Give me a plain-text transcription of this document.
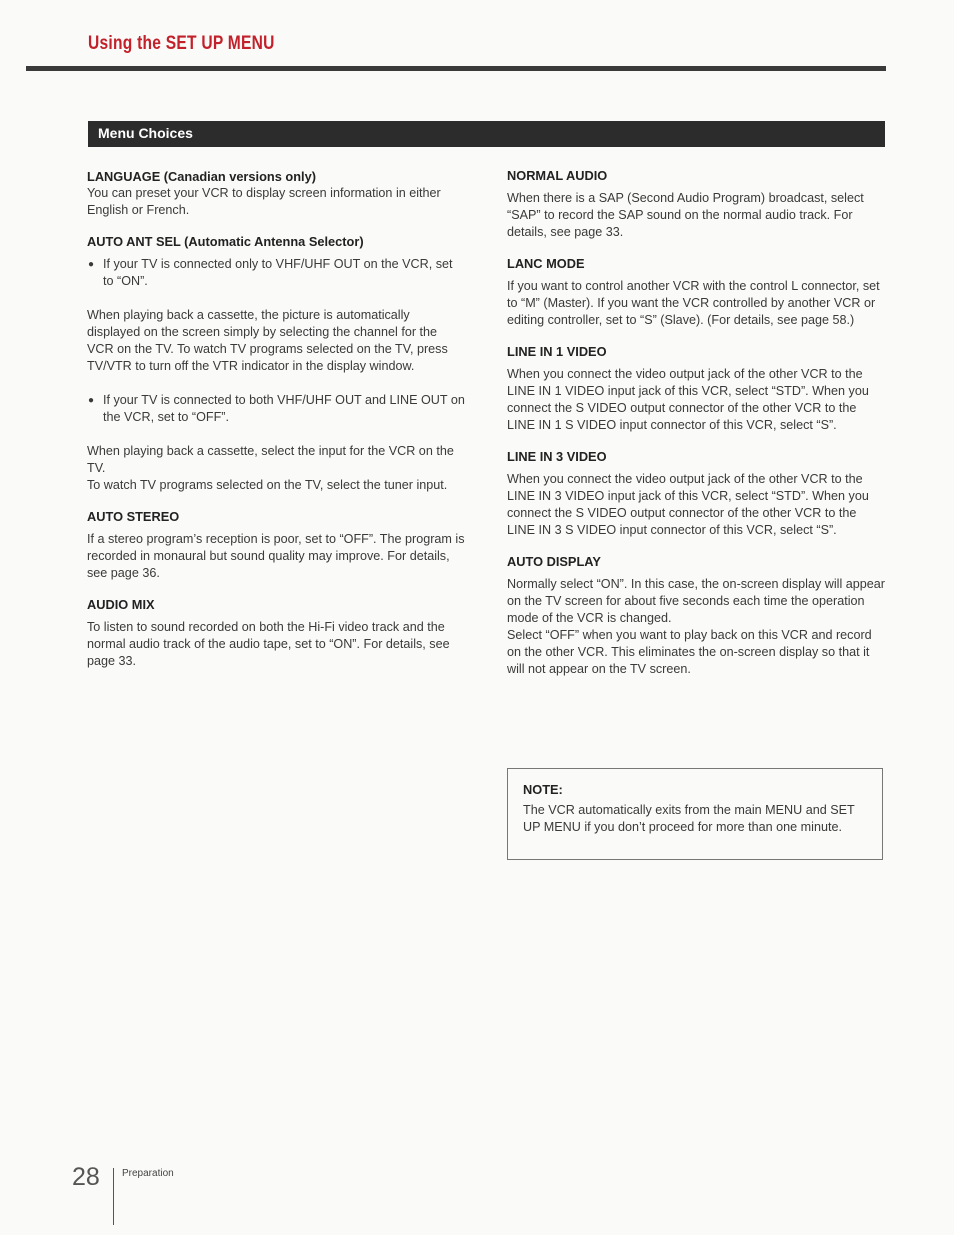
Using the SET UP MENU
Menu Choices
LANGUAGE (Canadian versions only)

You can preset your VCR to display screen information in either English or French.

AUTO ANT SEL (Automatic Antenna Selector)
● If your TV is connected only to VHF/UHF OUT on the VCR, set to “ON”.

When playing back a cassette, the picture is automatically displayed on the screen simply by selecting the channel for the VCR on the TV. To watch TV programs selected on the TV, press TV/VTR to turn off the VTR indicator in the display window.

● If your TV is connected to both VHF/UHF OUT and LINE OUT on the VCR, set to “OFF”.

When playing back a cassette, select the input for the VCR on the TV.

To watch TV programs selected on the TV, select the tuner input.

AUTO STEREO

If a stereo program’s reception is poor, set to “OFF”. The program is recorded in monaural but sound quality may improve. For details, see page 36.

AUDIO MIX

To listen to sound recorded on both the Hi-Fi video track and the normal audio track of the audio tape, set to “ON”. For details, see page 33.

NORMAL AUDIO

When there is a SAP (Second Audio Program) broadcast, select “SAP” to record the SAP sound on the normal audio track. For details, see page 33.

LANC MODE

If you want to control another VCR with the control L connector, set to “M” (Master). If you want the VCR controlled by another VCR or editing controller, set to “S” (Slave). (For details, see page 58.)

LINE IN 1 VIDEO

When you connect the video output jack of the other VCR to the LINE IN 1 VIDEO input jack of this VCR, select “STD”. When you connect the S VIDEO output connector of the other VCR to the LINE IN 1 S VIDEO input connector of this VCR, select “S”.

LINE IN 3 VIDEO

When you connect the video output jack of the other VCR to the LINE IN 3 VIDEO input jack of this VCR, select “STD”. When you connect the S VIDEO output connector of the other VCR to the LINE IN 3 S VIDEO input connector of this VCR, select “S”.

AUTO DISPLAY

Normally select “ON”. In this case, the on-screen display will appear on the TV screen for about five seconds each time the operation mode of the VCR is changed.

Select “OFF” when you want to play back on this VCR and record on the other VCR. This eliminates the on-screen display so that it will not appear on the TV screen.

NOTE:

The VCR automatically exits from the main MENU and SET UP MENU if you don’t proceed for more than one minute.

28 Preparation
